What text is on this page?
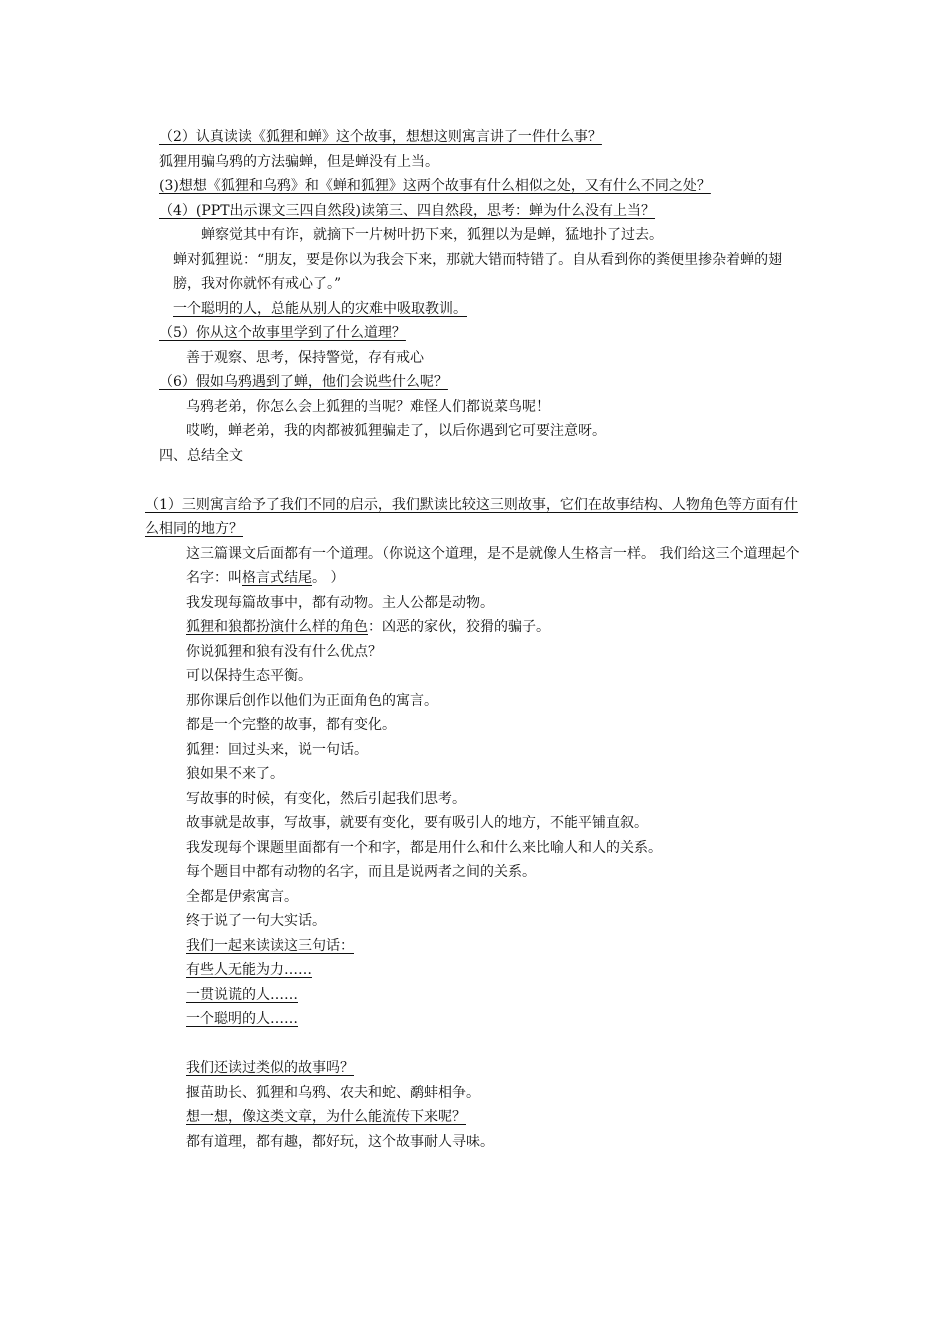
（2）认真读读《狐狸和蝉》这个故事，想想这则寓言讲了一件什么事？

狐狸用骗乌鸦的方法骗蝉，但是蝉没有上当。

(3)想想《狐狸和乌鸦》和《蝉和狐狸》这两个故事有什么相似之处，又有什么不同之处？

（4）(PPT出示课文三四自然段)读第三、四自然段，思考：蝉为什么没有上当？

蝉察觉其中有诈，就摘下一片树叶扔下来，狐狸以为是蝉，猛地扑了过去。

蝉对狐狸说：“朋友，要是你以为我会下来，那就大错而特错了。自从看到你的粪便里掺杂着蝉的翅膀，我对你就怀有戒心了。”

一个聪明的人，总能从别人的灾难中吸取教训。

（5）你从这个故事里学到了什么道理？

善于观察、思考，保持警觉，存有戒心

（6）假如乌鸦遇到了蝉，他们会说些什么呢？

乌鸦老弟，你怎么会上狐狸的当呢？难怪人们都说菜鸟呢！

哎哟，蝉老弟，我的肉都被狐狸骗走了，以后你遇到它可要注意呀。

四、总结全文

（1）三则寓言给予了我们不同的启示，我们默读比较这三则故事，它们在故事结构、人物角色等方面有什么相同的地方？

这三篇课文后面都有一个道理。（你说这个道理，是不是就像人生格言一样。 我们给这三个道理起个名字：叫格言式结尾。 ）

我发现每篇故事中，都有动物。主人公都是动物。

狐狸和狼都扮演什么样的角色：凶恶的家伙，狡猾的骗子。

你说狐狸和狼有没有什么优点？

可以保持生态平衡。

那你课后创作以他们为正面角色的寓言。

都是一个完整的故事，都有变化。

狐狸：回过头来，说一句话。

狼如果不来了。

写故事的时候，有变化，然后引起我们思考。

故事就是故事，写故事，就要有变化，要有吸引人的地方，不能平铺直叙。

我发现每个课题里面都有一个和字，都是用什么和什么来比喻人和人的关系。

每个题目中都有动物的名字，而且是说两者之间的关系。

全都是伊索寓言。

终于说了一句大实话。

我们一起来读读这三句话：

有些人无能为力……

一贯说谎的人……

一个聪明的人……

我们还读过类似的故事吗？

揠苗助长、狐狸和乌鸦、农夫和蛇、鹬蚌相争。

想一想，像这类文章，为什么能流传下来呢？

都有道理，都有趣，都好玩，这个故事耐人寻味。
